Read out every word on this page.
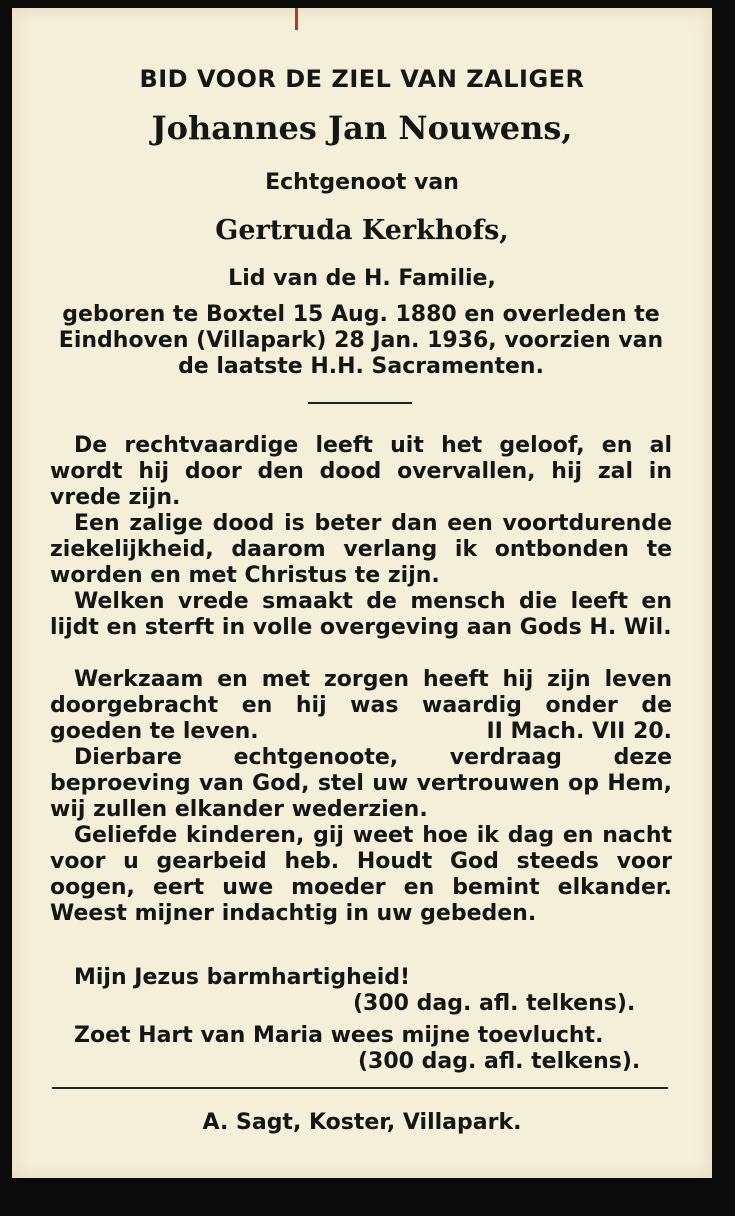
BID VOOR DE ZIEL VAN ZALIGER
Johannes Jan Nouwens,
Echtgenoot van
Gertruda Kerkhofs,
Lid van de H. Familie,
geboren te Boxtel 15 Aug. 1880 en overleden te Eindhoven (Villapark) 28 Jan. 1936, voorzien van de laatste H.H. Sacramenten.

De rechtvaardige leeft uit het geloof, en al wordt hij door den dood overvallen, hij zal in vrede zijn.

Een zalige dood is beter dan een voortdurende ziekelijkheid, daarom verlang ik ontbonden te worden en met Christus te zijn.

Welken vrede smaakt de mensch die leeft en lijdt en sterft in volle overgeving aan Gods H. Wil.

Werkzaam en met zorgen heeft hij zijn leven doorgebracht en hij was waardig onder de goeden te leven.	II Mach. VII 20.

Dierbare echtgenoote, verdraag deze beproeving van God, stel uw vertrouwen op Hem, wij zullen elkander wederzien.

Geliefde kinderen, gij weet hoe ik dag en nacht voor u gearbeid heb. Houdt God steeds voor oogen, eert uwe moeder en bemint elkander. Weest mijner indachtig in uw gebeden.

Mijn Jezus barmhartigheid!
(300 dag. afl. telkens).
Zoet Hart van Maria wees mijne toevlucht.
(300 dag. afl. telkens).
A. Sagt, Koster, Villapark.
